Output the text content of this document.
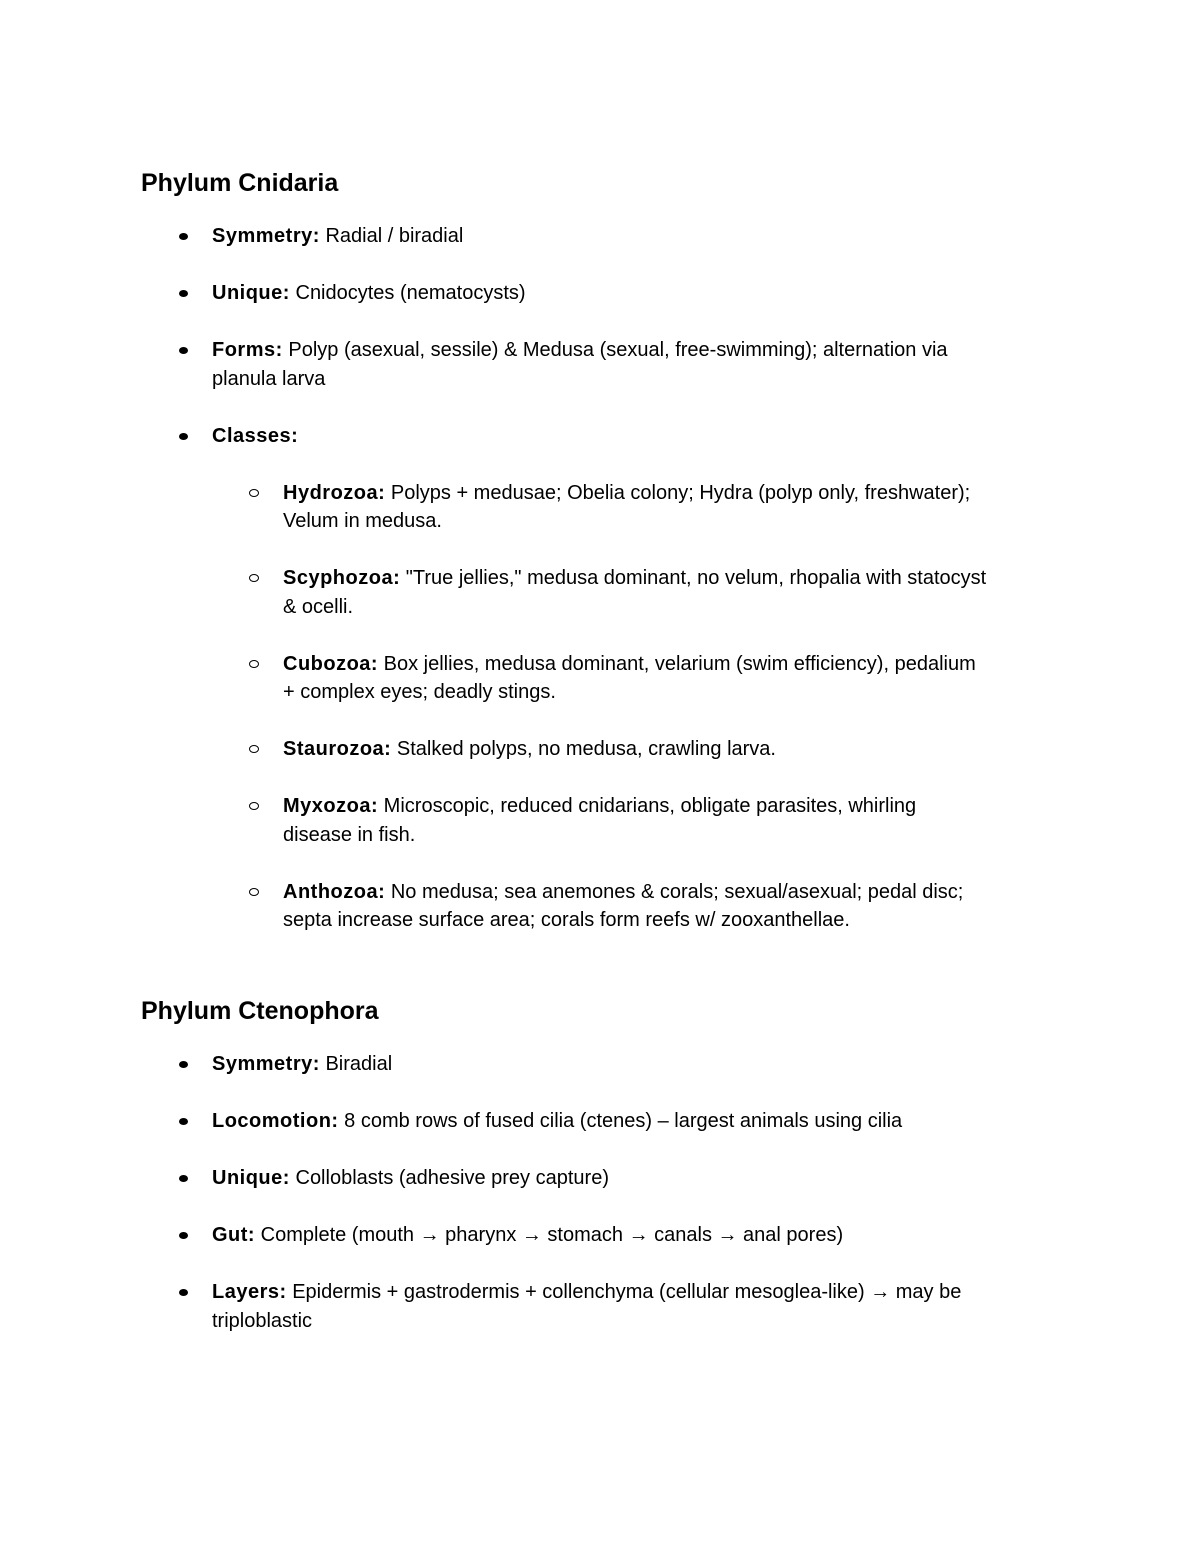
Phylum Cnidaria
Symmetry: Radial / biradial
Unique: Cnidocytes (nematocysts)
Forms: Polyp (asexual, sessile) & Medusa (sexual, free-swimming); alternation via planula larva
Classes:
Hydrozoa: Polyps + medusae; Obelia colony; Hydra (polyp only, freshwater); Velum in medusa.
Scyphozoa: "True jellies," medusa dominant, no velum, rhopalia with statocyst & ocelli.
Cubozoa: Box jellies, medusa dominant, velarium (swim efficiency), pedalium + complex eyes; deadly stings.
Staurozoa: Stalked polyps, no medusa, crawling larva.
Myxozoa: Microscopic, reduced cnidarians, obligate parasites, whirling disease in fish.
Anthozoa: No medusa; sea anemones & corals; sexual/asexual; pedal disc; septa increase surface area; corals form reefs w/ zooxanthellae.
Phylum Ctenophora
Symmetry: Biradial
Locomotion: 8 comb rows of fused cilia (ctenes) – largest animals using cilia
Unique: Colloblasts (adhesive prey capture)
Gut: Complete (mouth → pharynx → stomach → canals → anal pores)
Layers: Epidermis + gastrodermis + collenchyma (cellular mesoglea-like) → may be triploblastic
